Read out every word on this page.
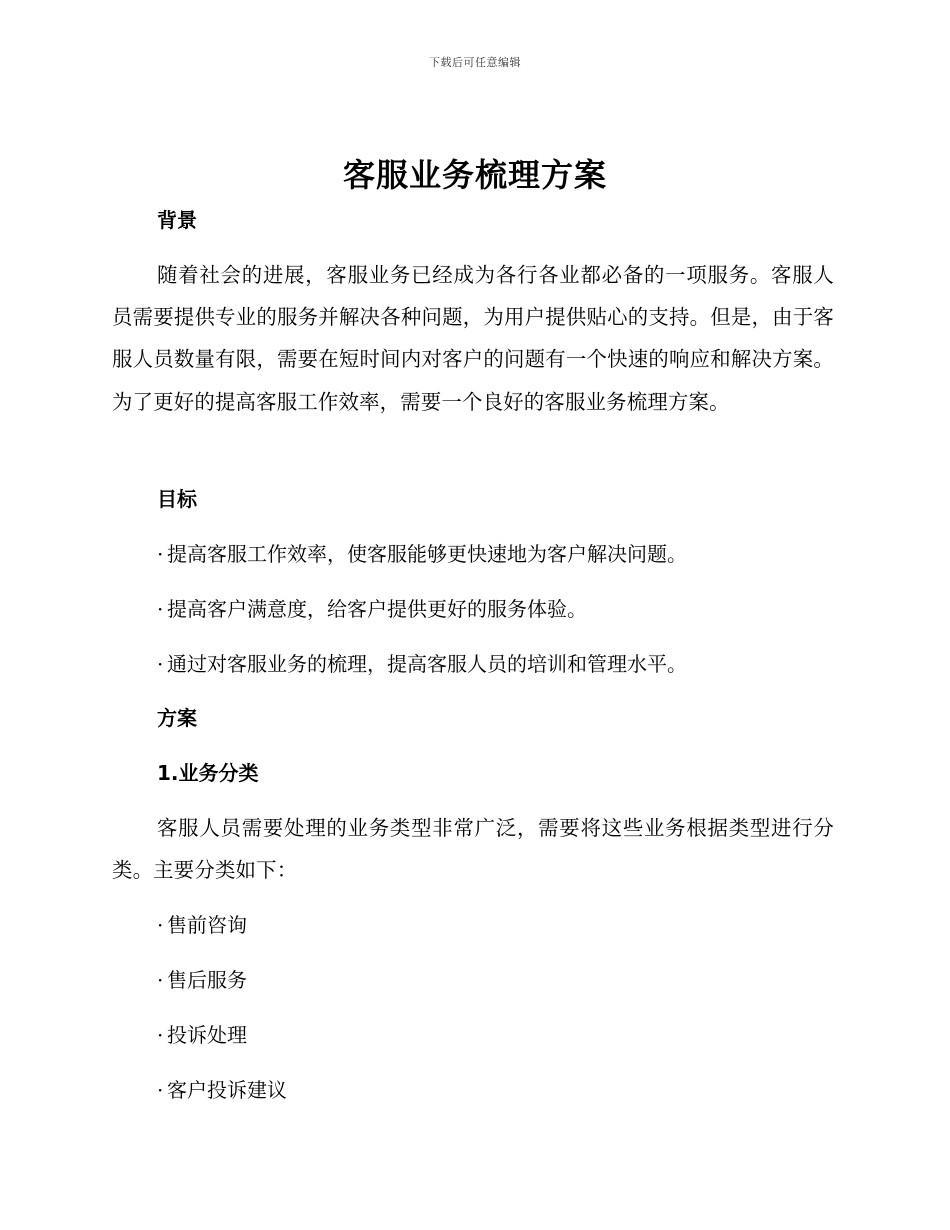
下载后可任意编辑
客服业务梳理方案
背景
随着社会的进展，客服业务已经成为各行各业都必备的一项服务。客服人员需要提供专业的服务并解决各种问题，为用户提供贴心的支持。但是，由于客服人员数量有限，需要在短时间内对客户的问题有一个快速的响应和解决方案。为了更好的提高客服工作效率，需要一个良好的客服业务梳理方案。
目标
· 提高客服工作效率，使客服能够更快速地为客户解决问题。
· 提高客户满意度，给客户提供更好的服务体验。
· 通过对客服业务的梳理，提高客服人员的培训和管理水平。
方案
1.业务分类
客服人员需要处理的业务类型非常广泛，需要将这些业务根据类型进行分类。主要分类如下：
· 售前咨询
· 售后服务
· 投诉处理
· 客户投诉建议
